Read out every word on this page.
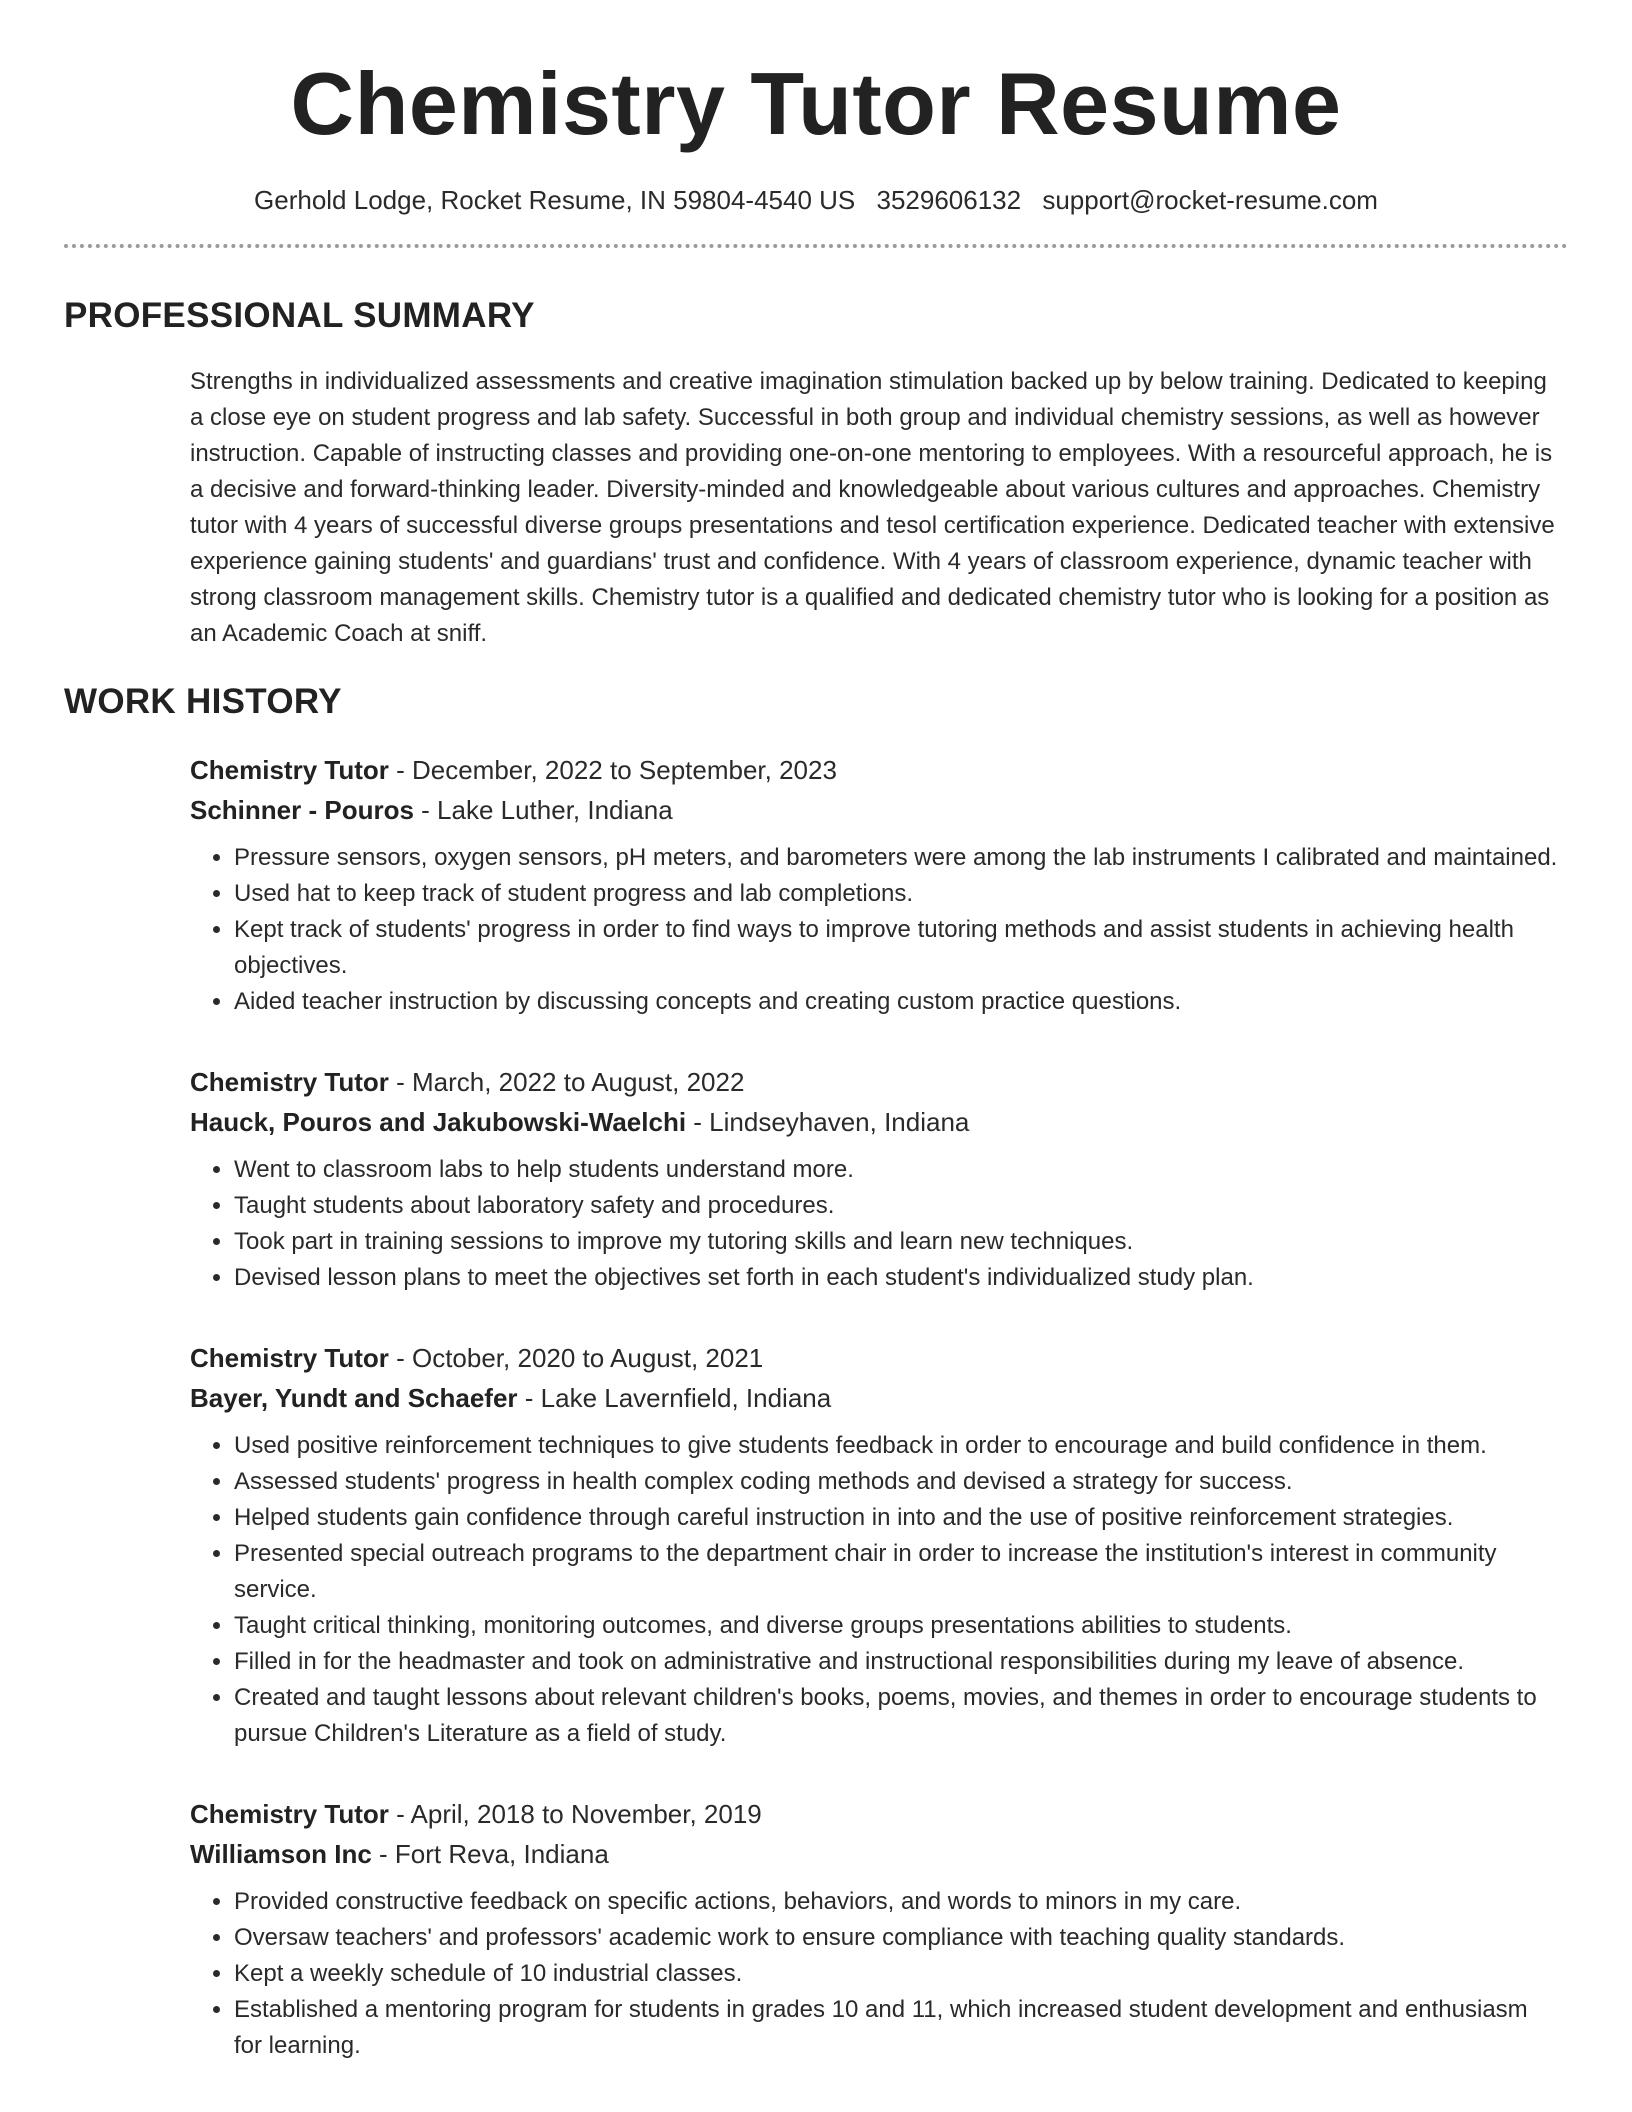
Chemistry Tutor Resume
Gerhold Lodge, Rocket Resume, IN 59804-4540 US 3529606132 support@rocket-resume.com
PROFESSIONAL SUMMARY

Strengths in individualized assessments and creative imagination stimulation backed up by below training. Dedicated to keeping a close eye on student progress and lab safety. Successful in both group and individual chemistry sessions, as well as however instruction. Capable of instructing classes and providing one-on-one mentoring to employees. With a resourceful approach, he is a decisive and forward-thinking leader. Diversity-minded and knowledgeable about various cultures and approaches. Chemistry tutor with 4 years of successful diverse groups presentations and tesol certification experience. Dedicated teacher with extensive experience gaining students' and guardians' trust and confidence. With 4 years of classroom experience, dynamic teacher with strong classroom management skills. Chemistry tutor is a qualified and dedicated chemistry tutor who is looking for a position as an Academic Coach at sniff.

WORK HISTORY
Chemistry Tutor - December, 2022 to September, 2023
Schinner - Pouros - Lake Luther, Indiana
• Pressure sensors, oxygen sensors, pH meters, and barometers were among the lab instruments I calibrated and maintained.
• Used hat to keep track of student progress and lab completions.
• Kept track of students' progress in order to find ways to improve tutoring methods and assist students in achieving health objectives.
• Aided teacher instruction by discussing concepts and creating custom practice questions.
Chemistry Tutor - March, 2022 to August, 2022
Hauck, Pouros and Jakubowski-Waelchi - Lindseyhaven, Indiana
• Went to classroom labs to help students understand more.
• Taught students about laboratory safety and procedures.
• Took part in training sessions to improve my tutoring skills and learn new techniques.
• Devised lesson plans to meet the objectives set forth in each student's individualized study plan.
Chemistry Tutor - October, 2020 to August, 2021
Bayer, Yundt and Schaefer - Lake Lavernfield, Indiana
• Used positive reinforcement techniques to give students feedback in order to encourage and build confidence in them.
• Assessed students' progress in health complex coding methods and devised a strategy for success.
• Helped students gain confidence through careful instruction in into and the use of positive reinforcement strategies.
• Presented special outreach programs to the department chair in order to increase the institution's interest in community service.
• Taught critical thinking, monitoring outcomes, and diverse groups presentations abilities to students.
• Filled in for the headmaster and took on administrative and instructional responsibilities during my leave of absence.
• Created and taught lessons about relevant children's books, poems, movies, and themes in order to encourage students to pursue Children's Literature as a field of study.
Chemistry Tutor - April, 2018 to November, 2019
Williamson Inc - Fort Reva, Indiana
• Provided constructive feedback on specific actions, behaviors, and words to minors in my care.
• Oversaw teachers' and professors' academic work to ensure compliance with teaching quality standards.
• Kept a weekly schedule of 10 industrial classes.
• Established a mentoring program for students in grades 10 and 11, which increased student development and enthusiasm for learning.
